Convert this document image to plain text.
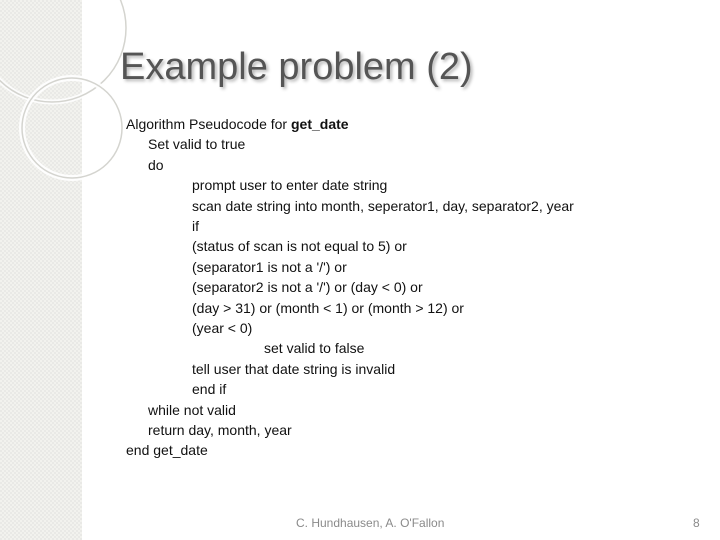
Example problem (2)
Algorithm Pseudocode for get_date
Set valid to true
do
prompt user to enter date string
scan date string into month, seperator1, day, separator2, year
if
(status of scan is not equal to 5) or
(separator1 is not a '/') or
(separator2 is not a '/') or (day < 0) or
(day > 31) or (month < 1) or (month > 12) or
(year < 0)
set valid to false
tell user that date string is invalid
end if
while not valid
return day, month, year
end get_date
C. Hundhausen, A. O'Fallon	8
